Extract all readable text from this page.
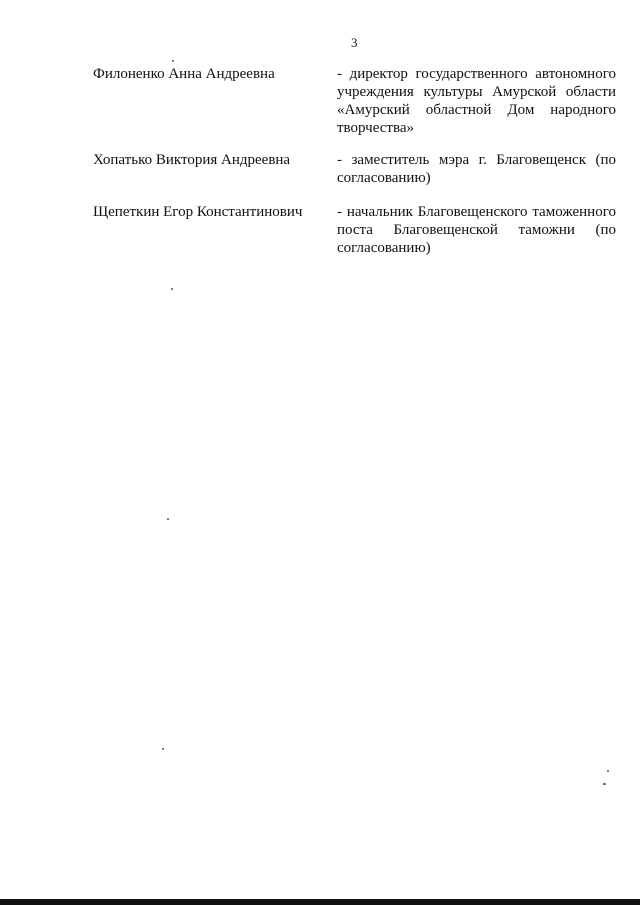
3
Филоненко Анна Андреевна	- директор государственного автономного учреждения культуры Амурской области «Амурский областной Дом народного творчества»
Хопатько Виктория Андреевна	- заместитель мэра г. Благовещенск (по согласованию)
Щепеткин Егор Константинович - начальник Благовещенского таможенного поста Благовещенской таможни (по согласованию)
